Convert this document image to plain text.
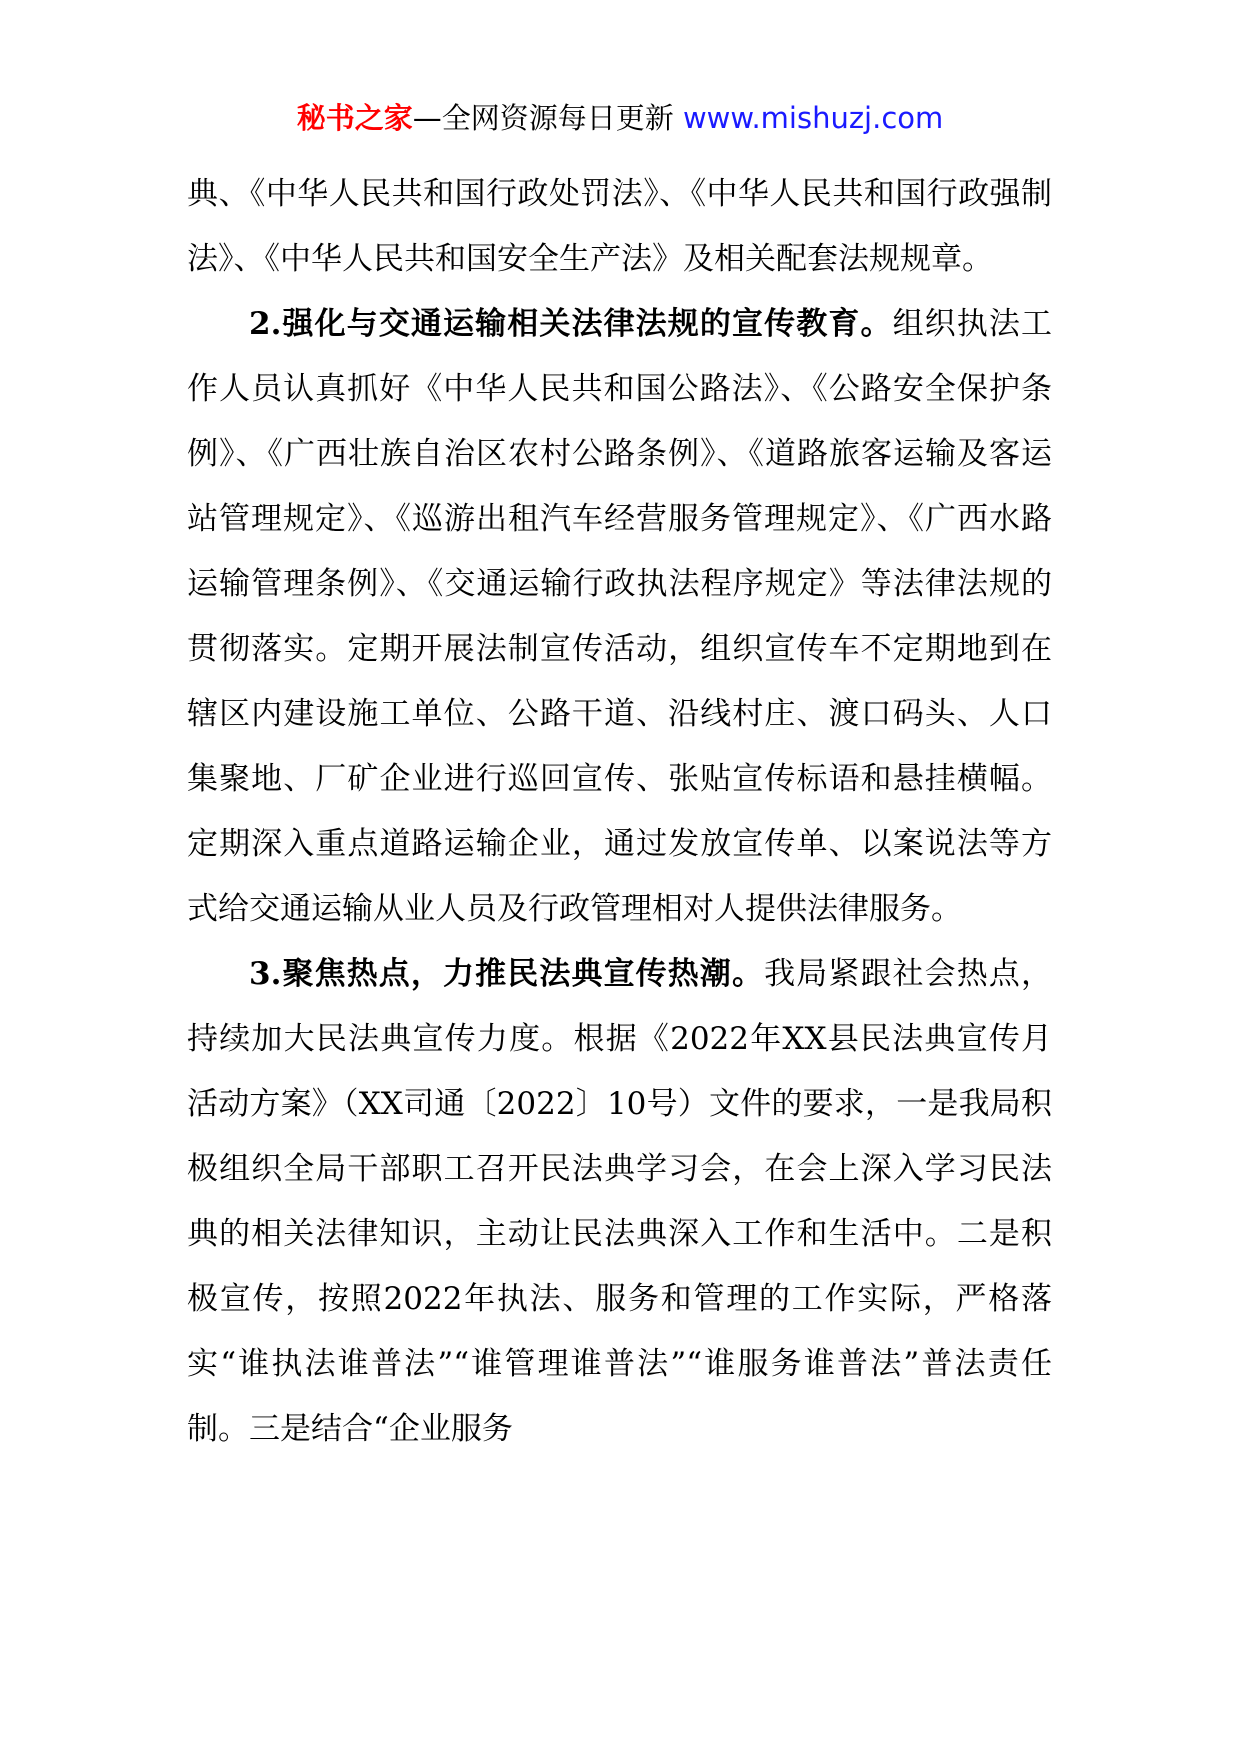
秘书之家—全网资源每日更新 www.mishuzj.com

典、《中华人民共和国行政处罚法》、《中华人民共和国行政强制法》、《中华人民共和国安全生产法》及相关配套法规规章。

2.强化与交通运输相关法律法规的宣传教育。组织执法工作人员认真抓好《中华人民共和国公路法》、《公路安全保护条例》、《广西壮族自治区农村公路条例》、《道路旅客运输及客运站管理规定》、《巡游出租汽车经营服务管理规定》、《广西水路运输管理条例》、《交通运输行政执法程序规定》等法律法规的贯彻落实。定期开展法制宣传活动，组织宣传车不定期地到在辖区内建设施工单位、公路干道、沿线村庄、渡口码头、人口集聚地、厂矿企业进行巡回宣传、张贴宣传标语和悬挂横幅。定期深入重点道路运输企业，通过发放宣传单、以案说法等方式给交通运输从业人员及行政管理相对人提供法律服务。

3.聚焦热点，力推民法典宣传热潮。我局紧跟社会热点，持续加大民法典宣传力度。根据《2022年XX县民法典宣传月活动方案》（XX司通〔2022〕10号）文件的要求，一是我局积极组织全局干部职工召开民法典学习会，在会上深入学习民法典的相关法律知识，主动让民法典深入工作和生活中。二是积极宣传，按照2022年执法、服务和管理的工作实际，严格落实“谁执法谁普法”“谁管理谁普法”“谁服务谁普法”普法责任制。三是结合“企业服务
